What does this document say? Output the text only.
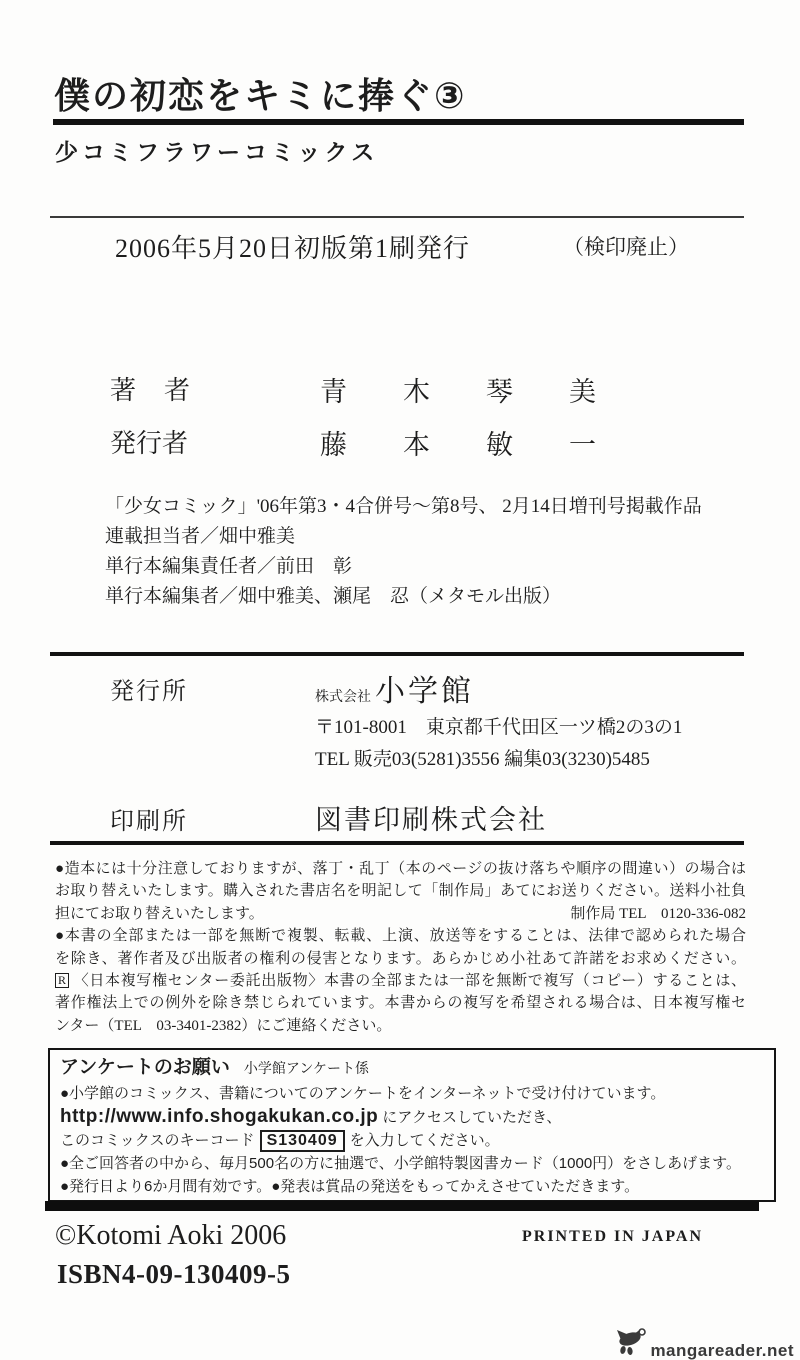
僕の初恋をキミに捧ぐ③
少コミフラワーコミックス
2006年5月20日初版第1刷発行	（検印廃止）
著者	青木琴美
発行者	藤本敏一
「少女コミック」'06年第3・4合併号〜第8号、 2月14日増刊号掲載作品
連載担当者／畑中雅美
単行本編集責任者／前田　彰
単行本編集者／畑中雅美、瀬尾　忍（メタモル出版）
発行所	株式会社 小学館
〒101-8001　東京都千代田区一ツ橋2の3の1
TEL 販売03(5281)3556 編集03(3230)5485
印刷所	図書印刷株式会社
●造本には十分注意しておりますが、落丁・乱丁（本のページの抜け落ちや順序の間違い）の場合は
お取り替えいたします。購入された書店名を明記して「制作局」あてにお送りください。送料小社負
担にてお取り替えいたします。	制作局 TEL　0120-336-082
●本書の全部または一部を無断で複製、転載、上演、放送等をすることは、法律で認められた場合
を除き、著作者及び出版者の権利の侵害となります。あらかじめ小社あて許諾をお求めください。
R 〈日本複写権センター委託出版物〉本書の全部または一部を無断で複写（コピー）することは、
著作権法上での例外を除き禁じられています。本書からの複写を希望される場合は、日本複写権セ
ンター（TEL　03-3401-2382）にご連絡ください。
アンケートのお願い 小学館アンケート係
●小学館のコミックス、書籍についてのアンケートをインターネットで受け付けています。
http://www.info.shogakukan.co.jp にアクセスしていただき、
このコミックスのキーコード S130409 を入力してください。
●全ご回答者の中から、毎月500名の方に抽選で、小学館特製図書カード（1000円）をさしあげます。
●発行日より6か月間有効です。●発表は賞品の発送をもってかえさせていただきます。
©Kotomi Aoki 2006	PRINTED IN JAPAN
ISBN4-09-130409-5
mangareader.net
